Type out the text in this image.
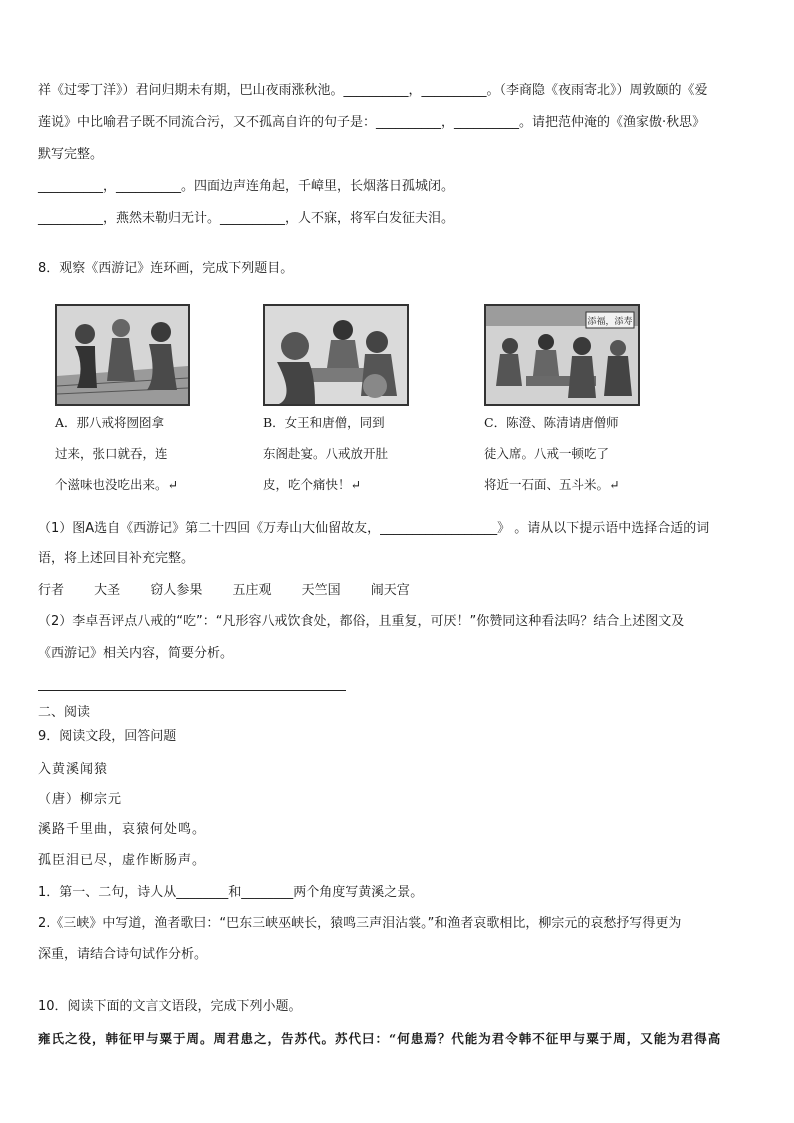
祥《过零丁洋》）君问归期未有期，巴山夜雨涨秋池。__________，__________。（李商隐《夜雨寄北》）周敦颐的《爱
莲说》中比喻君子既不同流合污，又不孤高自许的句子是：__________，__________。请把范仲淹的《渔家傲·秋思》
默写完整。
__________，__________。四面边声连角起，千嶂里，长烟落日孤城闭。
__________，燕然未勒归无计。__________，人不寐，将军白发征夫泪。
8．观察《西游记》连环画，完成下列题目。
添福，添寿
A．那八戒将囫囵拿
过来，张口就吞，连
个滋味也没吃出来。↵
B．女王和唐僧，同到
东阁赴宴。八戒放开肚
皮，吃个痛快！↵
C．陈澄、陈清请唐僧师
徒入席。八戒一顿吃了
将近一石面、五斗米。↵
（1）图A选自《西游记》第二十四回《万寿山大仙留故友，__________________》 。请从以下提示语中选择合适的词
语，将上述回目补充完整。
行者 大圣 窃人参果 五庄观 天竺国 闹天宫
（2）李卓吾评点八戒的“吃”：“凡形容八戒饮食处，都俗，且重复，可厌！”你赞同这种看法吗？结合上述图文及
《西游记》相关内容，简要分析。
二、阅读
9．阅读文段，回答问题
入黄溪闻猿
（唐）柳宗元
溪路千里曲，哀猿何处鸣。
孤臣泪已尽，虚作断肠声。
1．第一、二句，诗人从________和________两个角度写黄溪之景。
2.《三峡》中写道，渔者歌曰：“巴东三峡巫峡长，猿鸣三声泪沾裳。”和渔者哀歌相比，柳宗元的哀愁抒写得更为
深重，请结合诗句试作分析。
10．阅读下面的文言文语段，完成下列小题。
雍氏之役，韩征甲与粟于周。周君患之，告苏代。苏代曰：“何患焉？代能为君令韩不征甲与粟于周，又能为君得高
